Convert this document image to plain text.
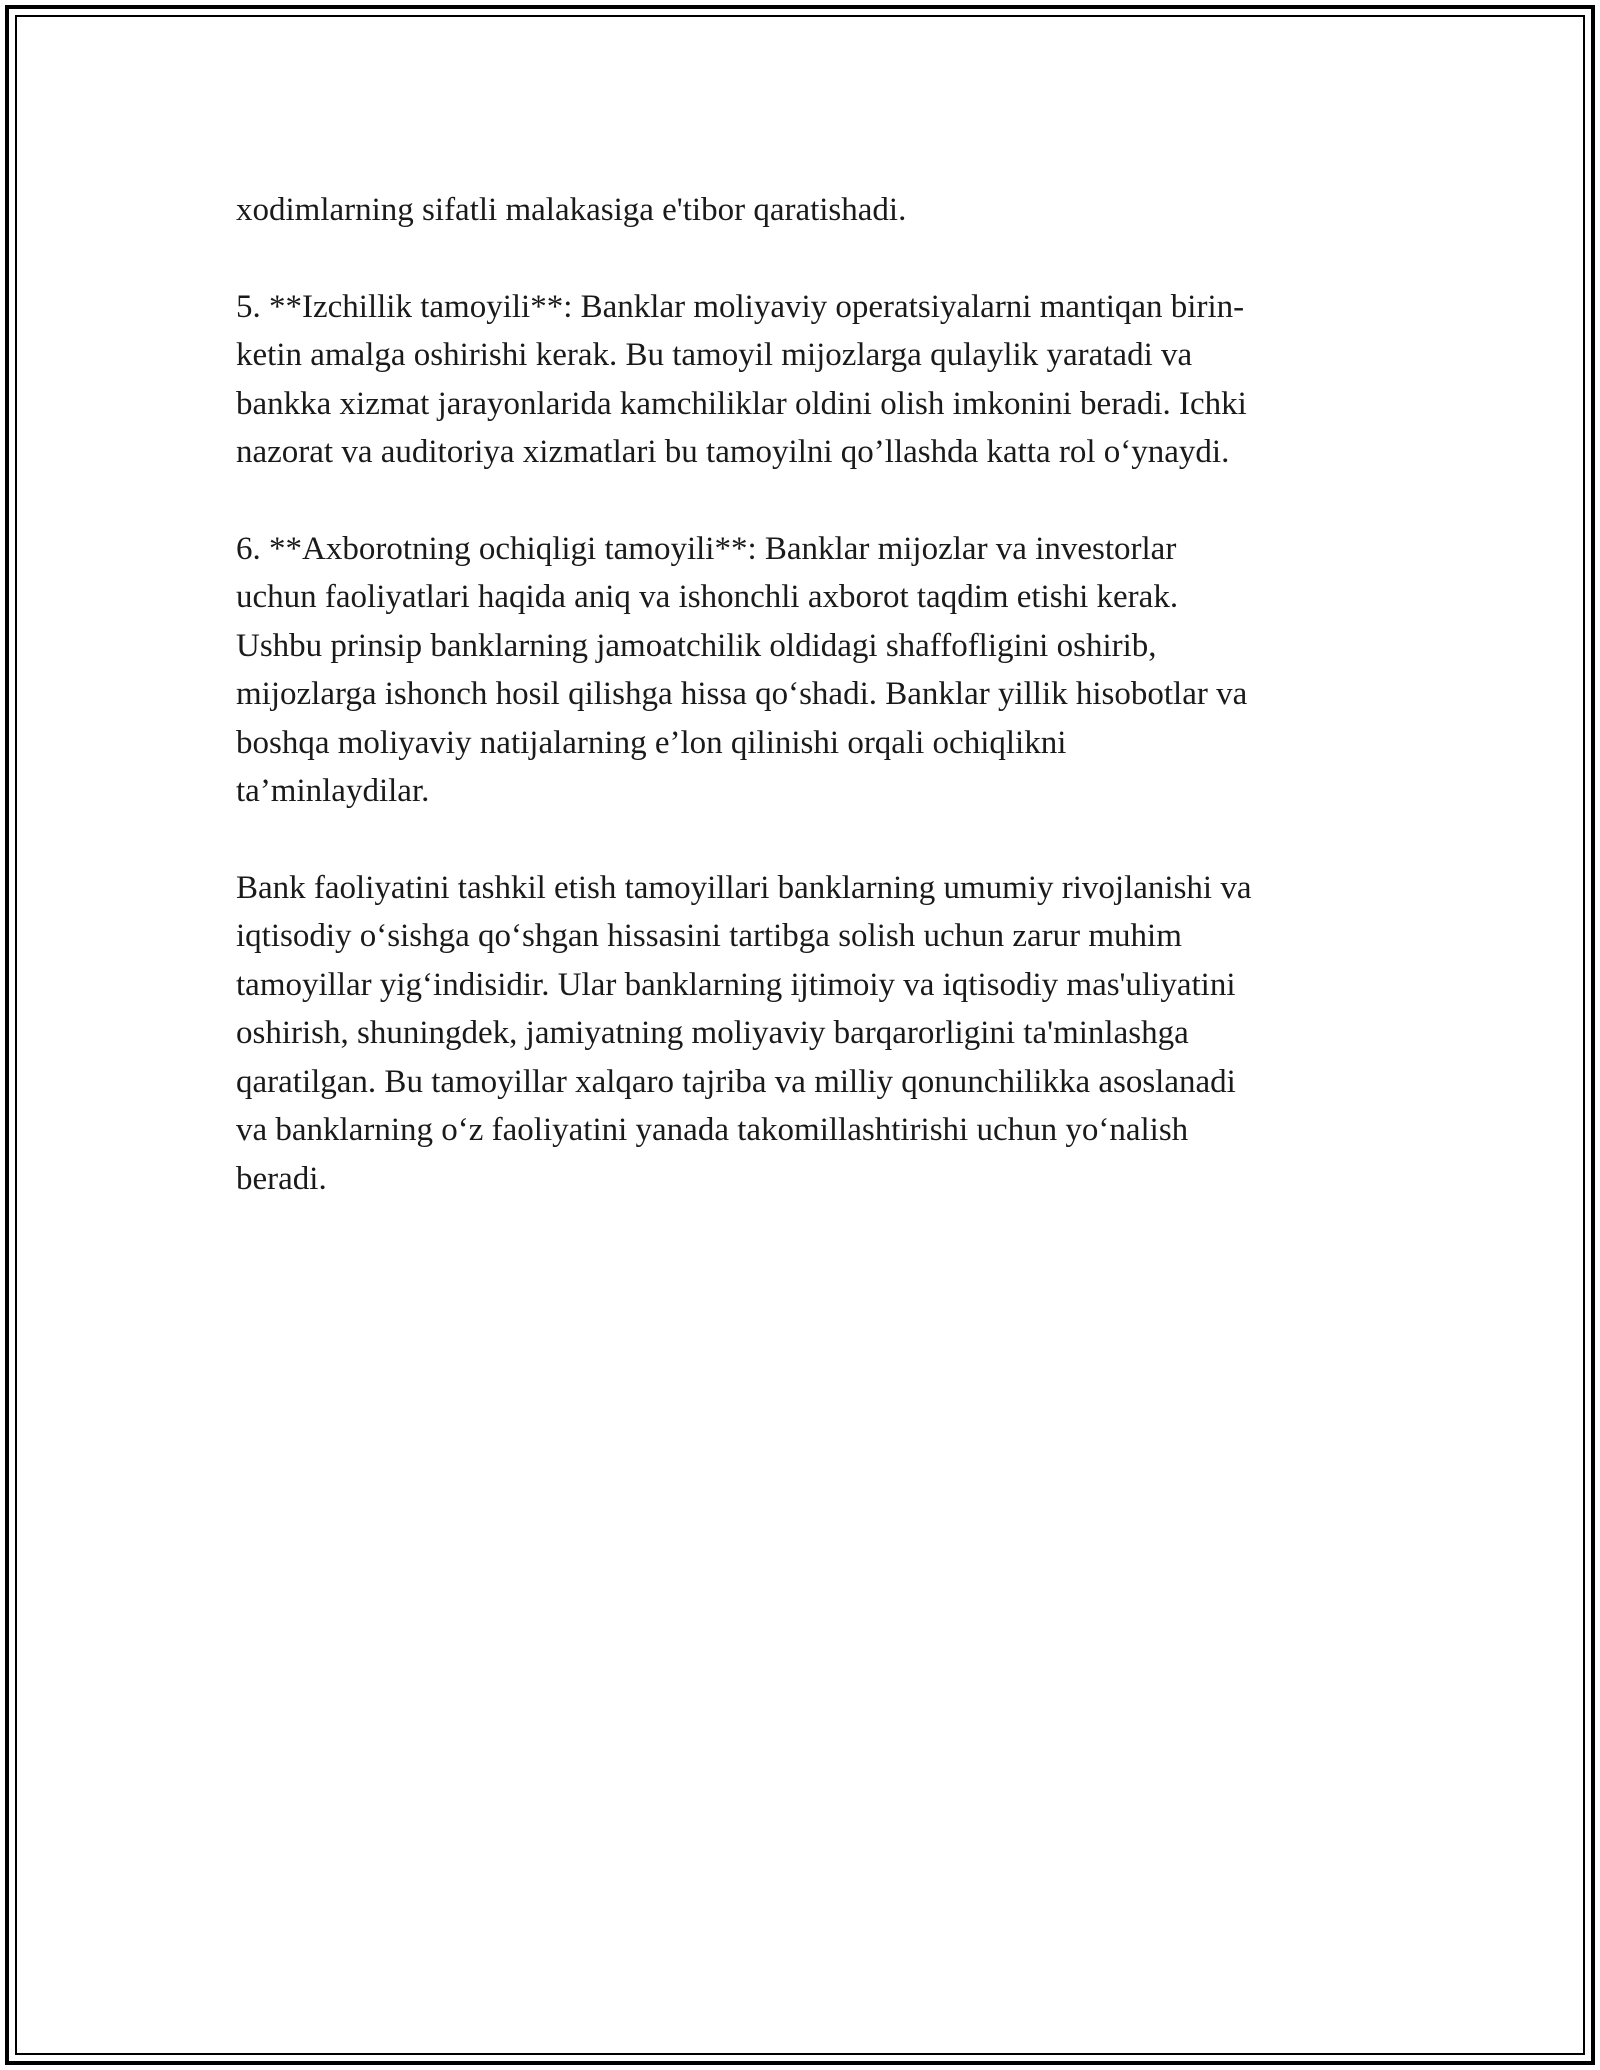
xodimlarning sifatli malakasiga e'tibor qaratishadi.

5. **Izchillik tamoyili**: Banklar moliyaviy operatsiyalarni mantiqan birin-
ketin amalga oshirishi kerak. Bu tamoyil mijozlarga qulaylik yaratadi va
bankka xizmat jarayonlarida kamchiliklar oldini olish imkonini beradi. Ichki
nazorat va auditoriya xizmatlari bu tamoyilni qo’llashda katta rol o‘ynaydi.

6. **Axborotning ochiqligi tamoyili**: Banklar mijozlar va investorlar
uchun faoliyatlari haqida aniq va ishonchli axborot taqdim etishi kerak.
Ushbu prinsip banklarning jamoatchilik oldidagi shaffofligini oshirib,
mijozlarga ishonch hosil qilishga hissa qo‘shadi. Banklar yillik hisobotlar va
boshqa moliyaviy natijalarning e’lon qilinishi orqali ochiqlikni
ta’minlaydilar.

Bank faoliyatini tashkil etish tamoyillari banklarning umumiy rivojlanishi va
iqtisodiy o‘sishga qo‘shgan hissasini tartibga solish uchun zarur muhim
tamoyillar yig‘indisidir. Ular banklarning ijtimoiy va iqtisodiy mas'uliyatini
oshirish, shuningdek, jamiyatning moliyaviy barqarorligini ta'minlashga
qaratilgan. Bu tamoyillar xalqaro tajriba va milliy qonunchilikka asoslanadi
va banklarning o‘z faoliyatini yanada takomillashtirishi uchun yo‘nalish
beradi.
